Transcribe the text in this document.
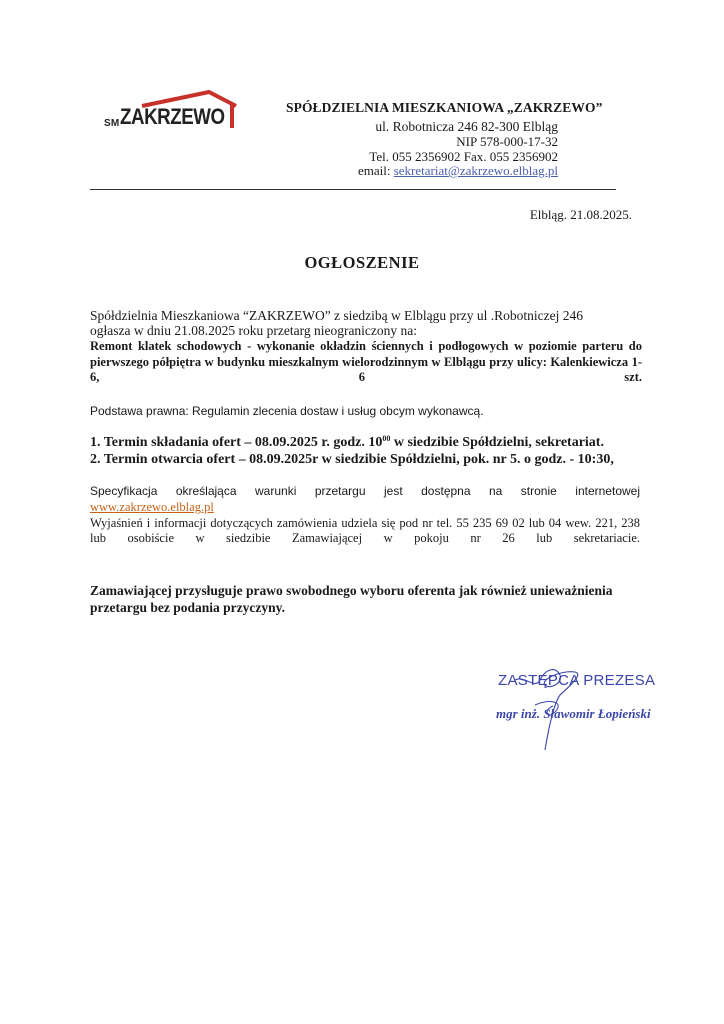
SM ZAKRZEWO	SPÓŁDZIELNIA MIESZKANIOWA „ZAKRZEWO”
ul. Robotnicza 246 82-300 Elbląg
NIP 578-000-17-32
Tel. 055 2356902 Fax. 055 2356902
email: sekretariat@zakrzewo.elblag.pl
Elbląg. 21.08.2025.
OGŁOSZENIE
Spółdzielnia Mieszkaniowa “ZAKRZEWO” z siedzibą w Elblągu przy ul .Robotniczej 246
ogłasza w dniu 21.08.2025 roku przetarg nieograniczony na:
Remont klatek schodowych - wykonanie okładzin ściennych i podłogowych w poziomie parteru do pierwszego półpiętra w budynku mieszkalnym wielorodzinnym w Elblągu przy ulicy: Kalenkiewicza 1-6, 6 szt.
Podstawa prawna: Regulamin zlecenia dostaw i usług obcym wykonawcą.
1. Termin składania ofert – 08.09.2025 r. godz. $10^{00}$ w siedzibie Spółdzielni, sekretariat.
2. Termin otwarcia ofert – 08.09.2025r w siedzibie Spółdzielni, pok. nr 5. o godz. - 10:30,
Specyfikacja określająca warunki przetargu jest dostępna na stronie internetowej
www.zakrzewo.elblag.pl
Wyjaśnień i informacji dotyczących zamówienia udziela się pod nr tel. 55 235 69 02 lub 04 wew. 221, 238 lub osobiście w siedzibie Zamawiającej w pokoju nr 26 lub sekretariacie.
Zamawiającej przysługuje prawo swobodnego wyboru oferenta jak również unieważnienia przetargu bez podania przyczyny.
ZASTĘPCA PREZESA
mgr inż. Sławomir Łopieński
